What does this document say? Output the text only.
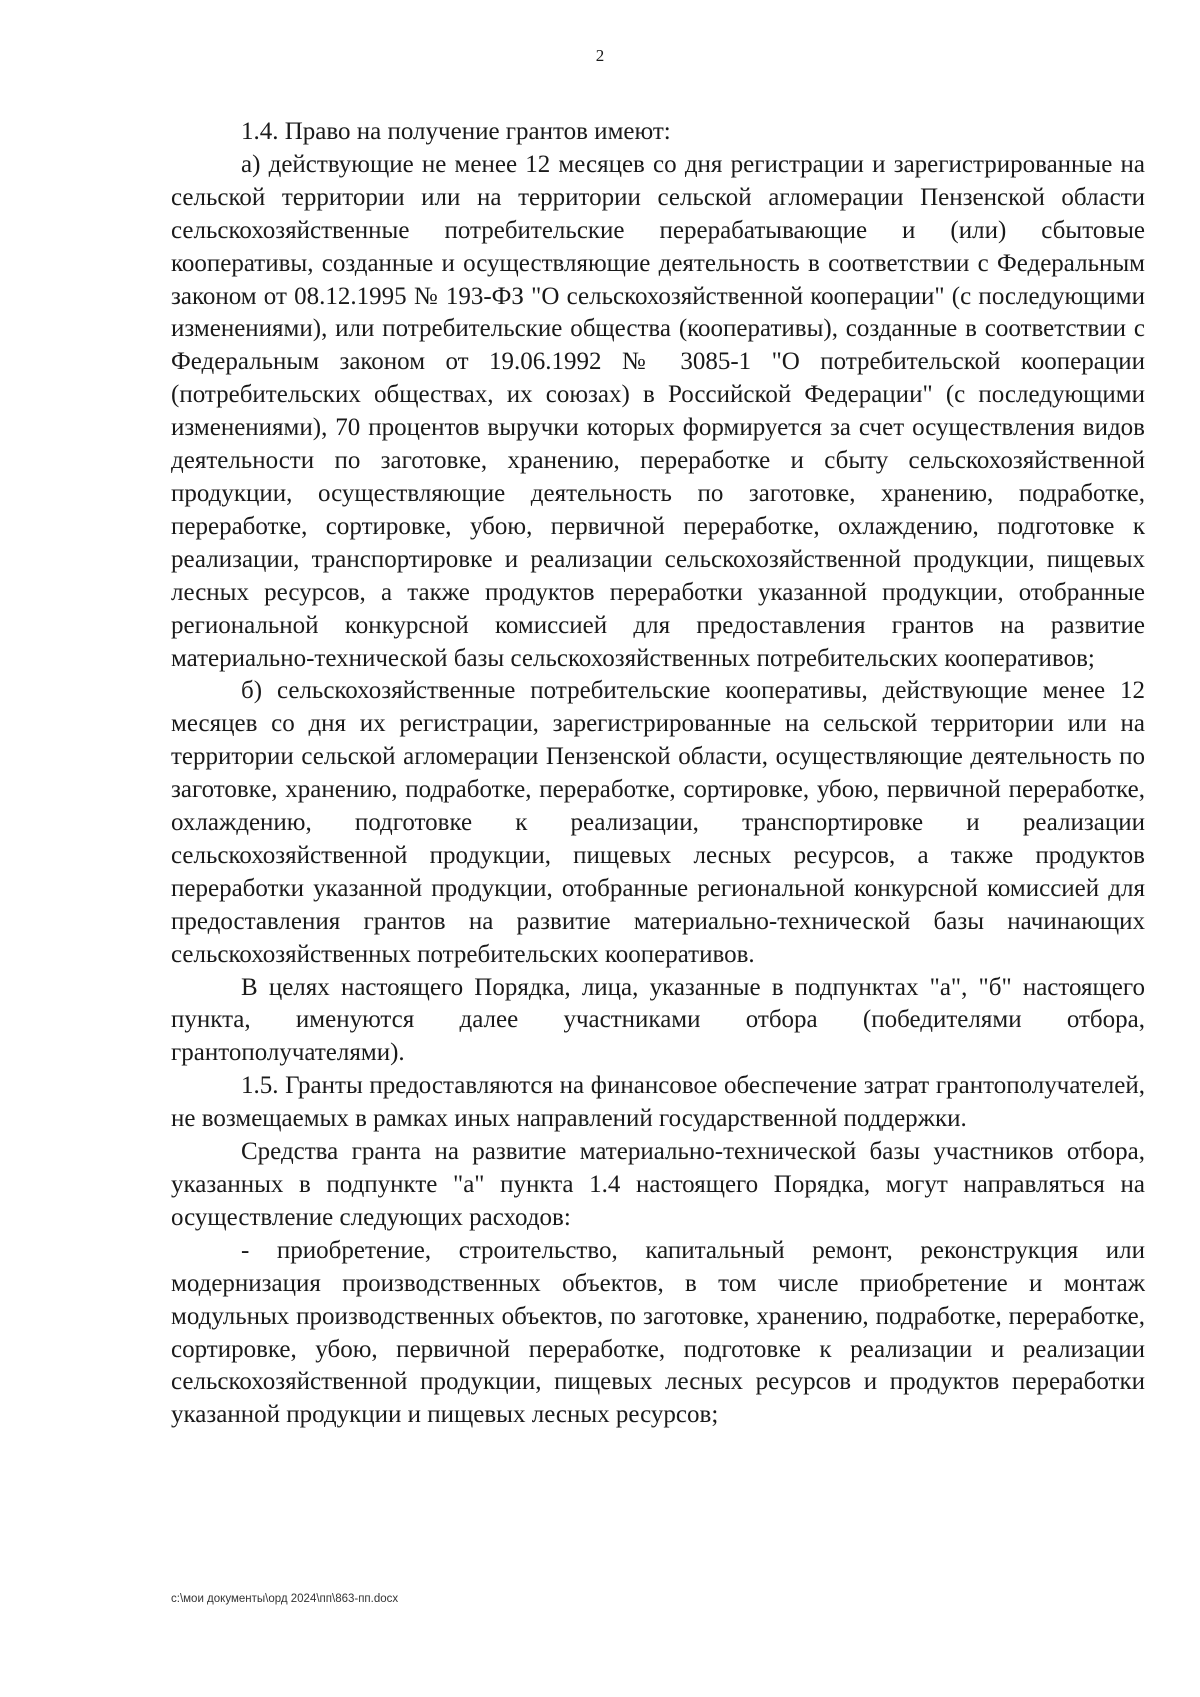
2

1.4. Право на получение грантов имеют:

а) действующие не менее 12 месяцев со дня регистрации и зарегистрированные на сельской территории или на территории сельской агломерации Пензенской области сельскохозяйственные потребительские перерабатывающие и (или) сбытовые кооперативы, созданные и осуществляющие деятельность в соответствии с Федеральным законом от 08.12.1995 № 193-ФЗ "О сельскохозяйственной кооперации" (с последующими изменениями), или потребительские общества (кооперативы), созданные в соответствии с Федеральным законом от 19.06.1992 № 3085-1 "О потребительской кооперации (потребительских обществах, их союзах) в Российской Федерации" (с последующими изменениями), 70 процентов выручки которых формируется за счет осуществления видов деятельности по заготовке, хранению, переработке и сбыту сельскохозяйственной продукции, осуществляющие деятельность по заготовке, хранению, подработке, переработке, сортировке, убою, первичной переработке, охлаждению, подготовке к реализации, транспортировке и реализации сельскохозяйственной продукции, пищевых лесных ресурсов, а также продуктов переработки указанной продукции, отобранные региональной конкурсной комиссией для предоставления грантов на развитие материально-технической базы сельскохозяйственных потребительских кооперативов;

б) сельскохозяйственные потребительские кооперативы, действующие менее 12 месяцев со дня их регистрации, зарегистрированные на сельской территории или на территории сельской агломерации Пензенской области, осуществляющие деятельность по заготовке, хранению, подработке, переработке, сортировке, убою, первичной переработке, охлаждению, подготовке к реализации, транспортировке и реализации сельскохозяйственной продукции, пищевых лесных ресурсов, а также продуктов переработки указанной продукции, отобранные региональной конкурсной комиссией для предоставления грантов на развитие материально-технической базы начинающих сельскохозяйственных потребительских кооперативов.

В целях настоящего Порядка, лица, указанные в подпунктах "а", "б" настоящего пункта, именуются далее участниками отбора (победителями отбора, грантополучателями).

1.5. Гранты предоставляются на финансовое обеспечение затрат грантополучателей, не возмещаемых в рамках иных направлений государственной поддержки.

Средства гранта на развитие материально-технической базы участников отбора, указанных в подпункте "а" пункта 1.4 настоящего Порядка, могут направляться на осуществление следующих расходов:

- приобретение, строительство, капитальный ремонт, реконструкция или модернизация производственных объектов, в том числе приобретение и монтаж модульных производственных объектов, по заготовке, хранению, подработке, переработке, сортировке, убою, первичной переработке, подготовке к реализации и реализации сельскохозяйственной продукции, пищевых лесных ресурсов и продуктов переработки указанной продукции и пищевых лесных ресурсов;

c:\мои документы\орд 2024\пп\863-пп.docx
